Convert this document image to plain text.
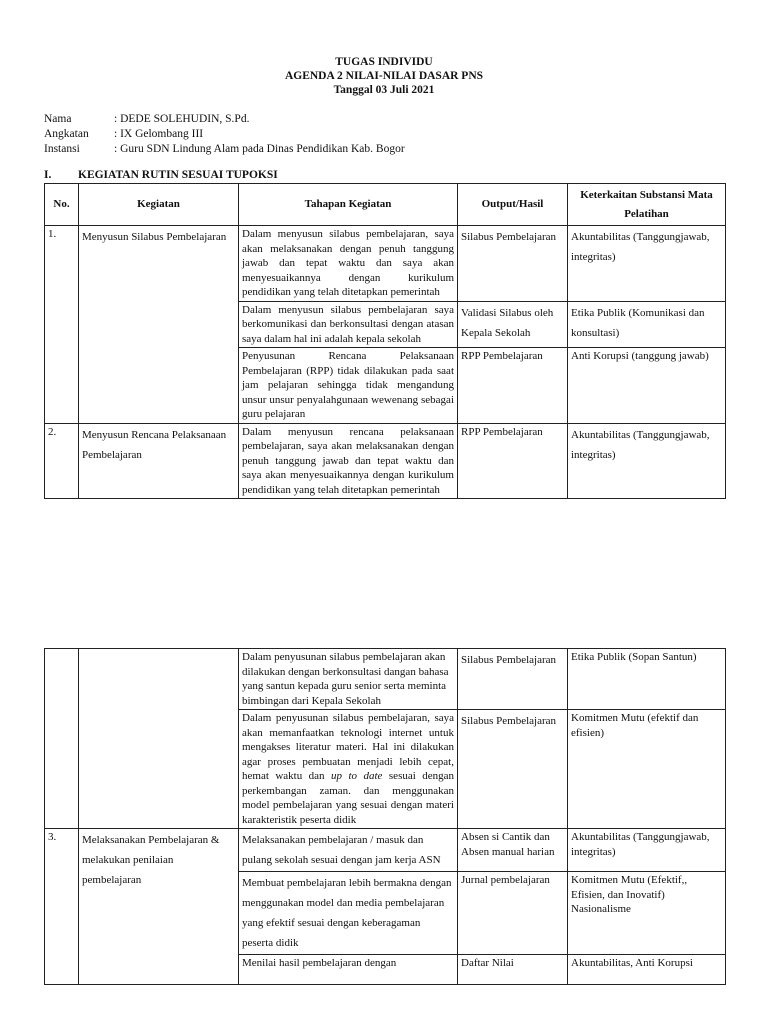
TUGAS INDIVIDU
AGENDA 2 NILAI-NILAI DASAR PNS
Tanggal 03 Juli 2021
Nama	: DEDE SOLEHUDIN, S.Pd.
Angkatan : IX Gelombang III
Instansi	: Guru SDN Lindung Alam pada Dinas Pendidikan Kab. Bogor
I. KEGIATAN RUTIN SESUAI TUPOKSI
No.	Kegiatan	Tahapan Kegiatan	Output/Hasil	Keterkaitan Substansi Mata Pelatihan
1.	Menyusun Silabus Pembelajaran	Dalam menyusun silabus pembelajaran, saya akan melaksanakan dengan penuh tanggung jawab dan tepat waktu dan saya akan menyesuaikannya dengan kurikulum pendidikan yang telah ditetapkan pemerintah	Silabus Pembelajaran	Akuntabilitas (Tanggungjawab, integritas)
		Dalam menyusun silabus pembelajaran saya berkomunikasi dan berkonsultasi dengan atasan saya dalam hal ini adalah kepala sekolah	Validasi Silabus oleh Kepala Sekolah	Etika Publik (Komunikasi dan konsultasi)
		Penyusunan Rencana Pelaksanaan Pembelajaran (RPP) tidak dilakukan pada saat jam pelajaran sehingga tidak mengandung unsur unsur penyalahgunaan wewenang sebagai guru pelajaran	RPP Pembelajaran	Anti Korupsi (tanggung jawab)
2.	Menyusun Rencana Pelaksanaan Pembelajaran	Dalam menyusun rencana pelaksanaan pembelajaran, saya akan melaksanakan dengan penuh tanggung jawab dan tepat waktu dan saya akan menyesuaikannya dengan kurikulum pendidikan yang telah ditetapkan pemerintah	RPP Pembelajaran	Akuntabilitas (Tanggungjawab, integritas)
		Dalam penyusunan silabus pembelajaran akan dilakukan dengan berkonsultasi dangan bahasa yang santun kepada guru senior serta meminta bimbingan dari Kepala Sekolah	Silabus Pembelajaran	Etika Publik (Sopan Santun)
		Dalam penyusunan silabus pembelajaran, saya akan memanfaatkan teknologi internet untuk mengakses literatur materi. Hal ini dilakukan agar proses pembuatan menjadi lebih cepat, hemat waktu dan up to date sesuai dengan perkembangan zaman. dan menggunakan model pembelajaran yang sesuai dengan materi karakteristik peserta didik	Silabus Pembelajaran	Komitmen Mutu (efektif dan efisien)
3.	Melaksanakan Pembelajaran & melakukan penilaian pembelajaran	Melaksanakan pembelajaran / masuk dan pulang sekolah sesuai dengan jam kerja ASN	Absen si Cantik dan Absen manual harian	Akuntabilitas (Tanggungjawab, integritas)
		Membuat pembelajaran lebih bermakna dengan menggunakan model dan media pembelajaran yang efektif sesuai dengan keberagaman peserta didik	Jurnal pembelajaran	Komitmen Mutu (Efektif,, Efisien, dan Inovatif) Nasionalisme
		Menilai hasil pembelajaran dengan	Daftar Nilai	Akuntabilitas, Anti Korupsi
